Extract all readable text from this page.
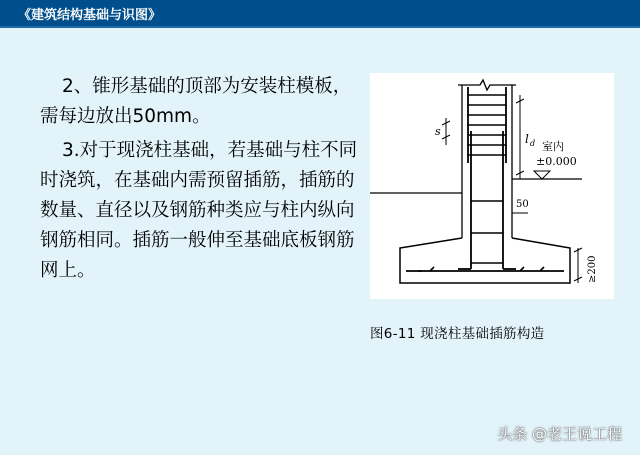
《建筑结构基础与识图》

2、锥形基础的顶部为安装柱模板，需每边放出50mm。

3.对于现浇柱基础，若基础与柱不同时浇筑，在基础内需预留插筋，插筋的数量、直径以及钢筋种类应与柱内纵向钢筋相同。插筋一般伸至基础底板钢筋网上。

s
l d 室内
±0.000
50
≥200
图6-11 现浇柱基础插筋构造
头条 @老王说工程
